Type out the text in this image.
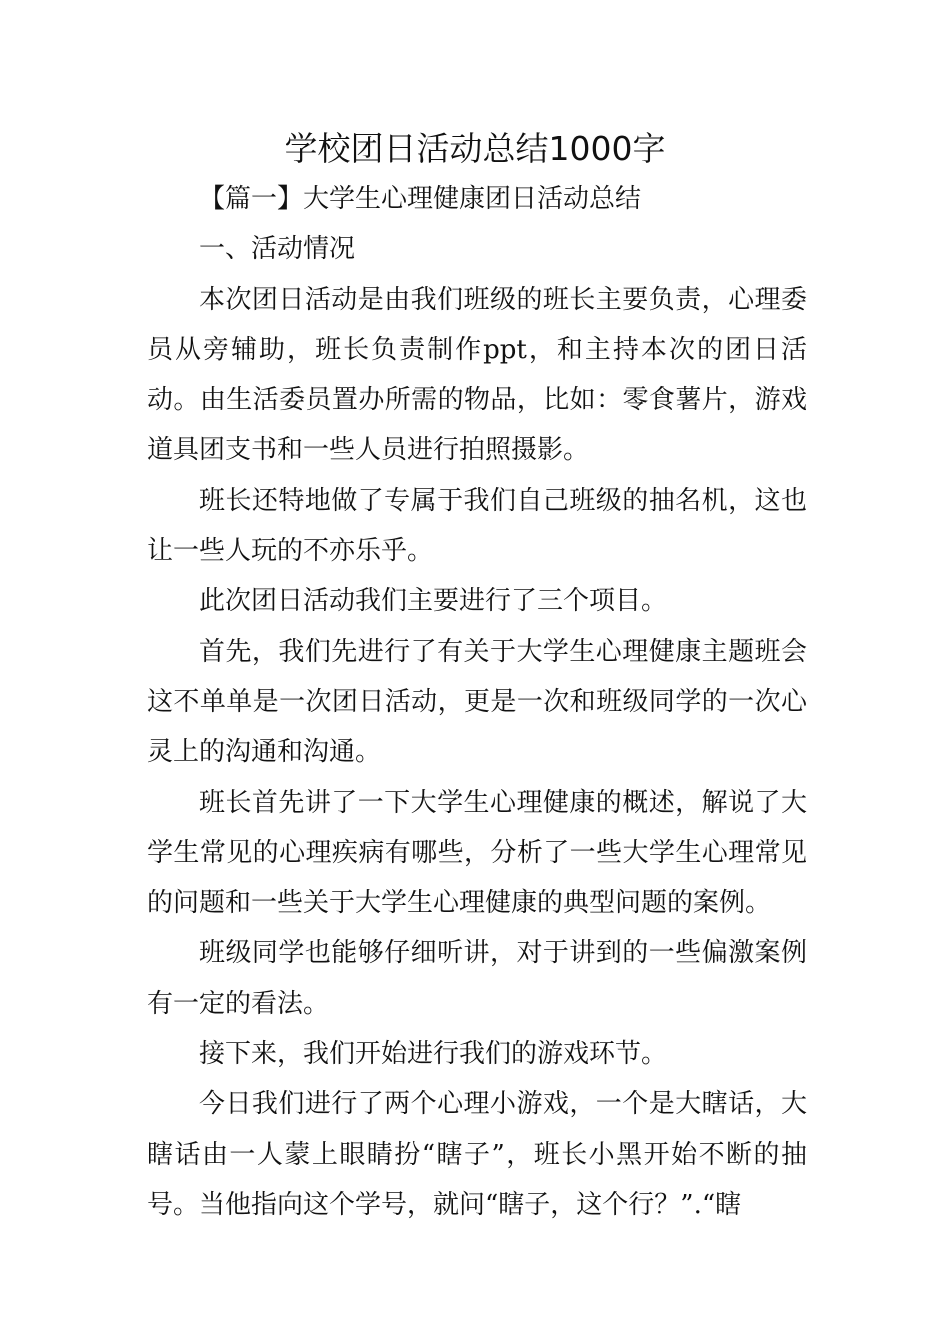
学校团日活动总结1000字

【篇一】大学生心理健康团日活动总结

一、活动情况

本次团日活动是由我们班级的班长主要负责，心理委员从旁辅助，班长负责制作ppt，和主持本次的团日活动。由生活委员置办所需的物品，比如：零食薯片，游戏道具团支书和一些人员进行拍照摄影。

班长还特地做了专属于我们自己班级的抽名机，这也让一些人玩的不亦乐乎。

此次团日活动我们主要进行了三个项目。

首先，我们先进行了有关于大学生心理健康主题班会这不单单是一次团日活动，更是一次和班级同学的一次心灵上的沟通和沟通。

班长首先讲了一下大学生心理健康的概述，解说了大学生常见的心理疾病有哪些，分析了一些大学生心理常见的问题和一些关于大学生心理健康的典型问题的案例。

班级同学也能够仔细听讲，对于讲到的一些偏激案例有一定的看法。

接下来，我们开始进行我们的游戏环节。

今日我们进行了两个心理小游戏，一个是大瞎话，大瞎话由一人蒙上眼睛扮“瞎子”，班长小黑开始不断的抽号。当他指向这个学号，就问“瞎子，这个行？”.“瞎
